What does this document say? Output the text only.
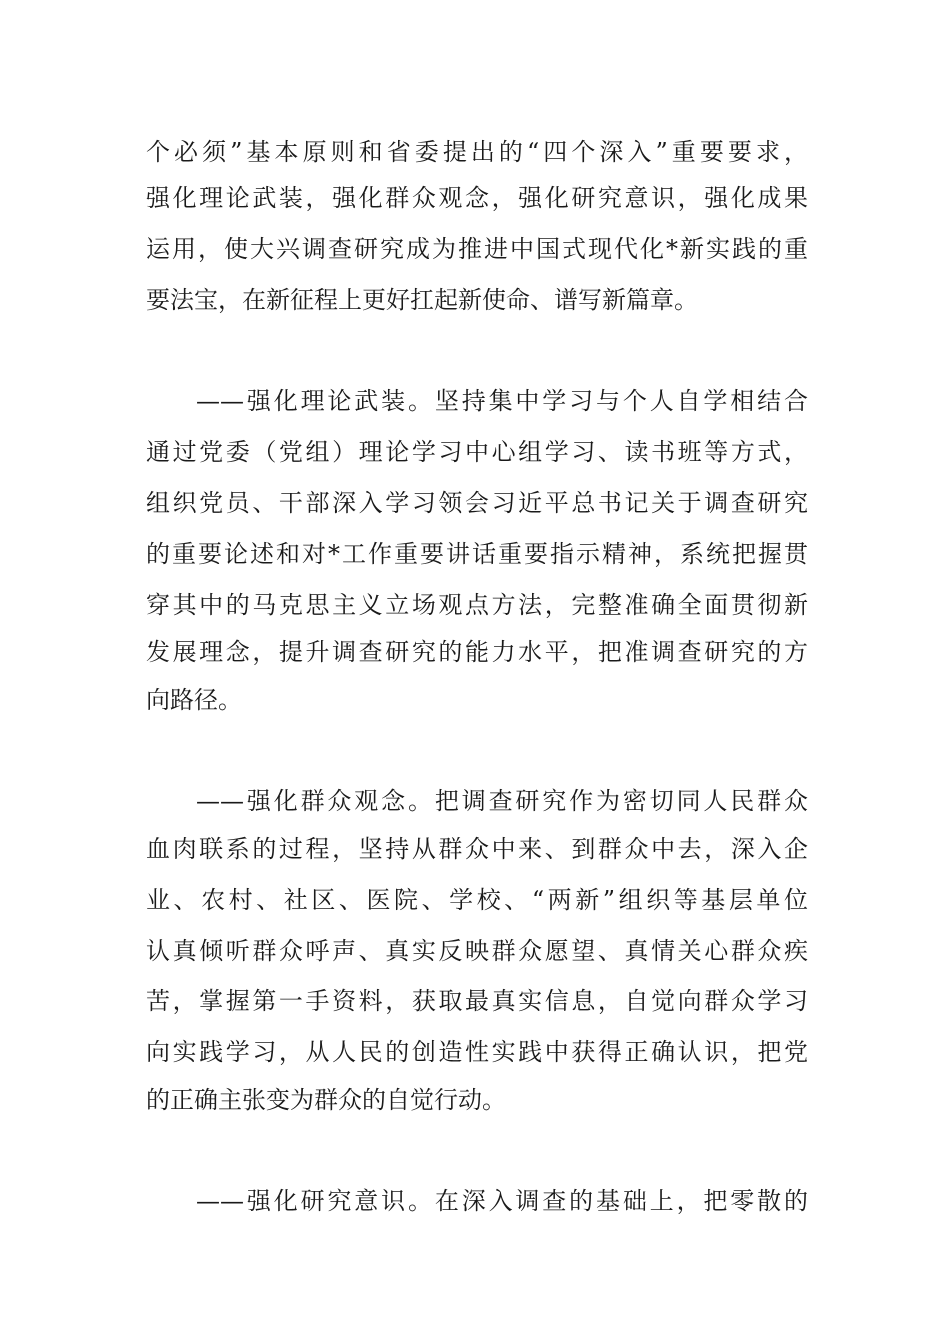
个必须”基本原则和省委提出的“四个深入”重要要求，
强化理论武装，强化群众观念，强化研究意识，强化成果
运用，使大兴调查研究成为推进中国式现代化*新实践的重
要法宝，在新征程上更好扛起新使命、谱写新篇章。
——强化理论武装。坚持集中学习与个人自学相结合
通过党委（党组）理论学习中心组学习、读书班等方式，
组织党员、干部深入学习领会习近平总书记关于调查研究
的重要论述和对*工作重要讲话重要指示精神，系统把握贯
穿其中的马克思主义立场观点方法，完整准确全面贯彻新
发展理念，提升调查研究的能力水平，把准调查研究的方
向路径。
——强化群众观念。把调查研究作为密切同人民群众
血肉联系的过程，坚持从群众中来、到群众中去，深入企
业、农村、社区、医院、学校、“两新”组织等基层单位
认真倾听群众呼声、真实反映群众愿望、真情关心群众疾
苦，掌握第一手资料，获取最真实信息，自觉向群众学习
向实践学习，从人民的创造性实践中获得正确认识，把党
的正确主张变为群众的自觉行动。
——强化研究意识。在深入调查的基础上，把零散的
